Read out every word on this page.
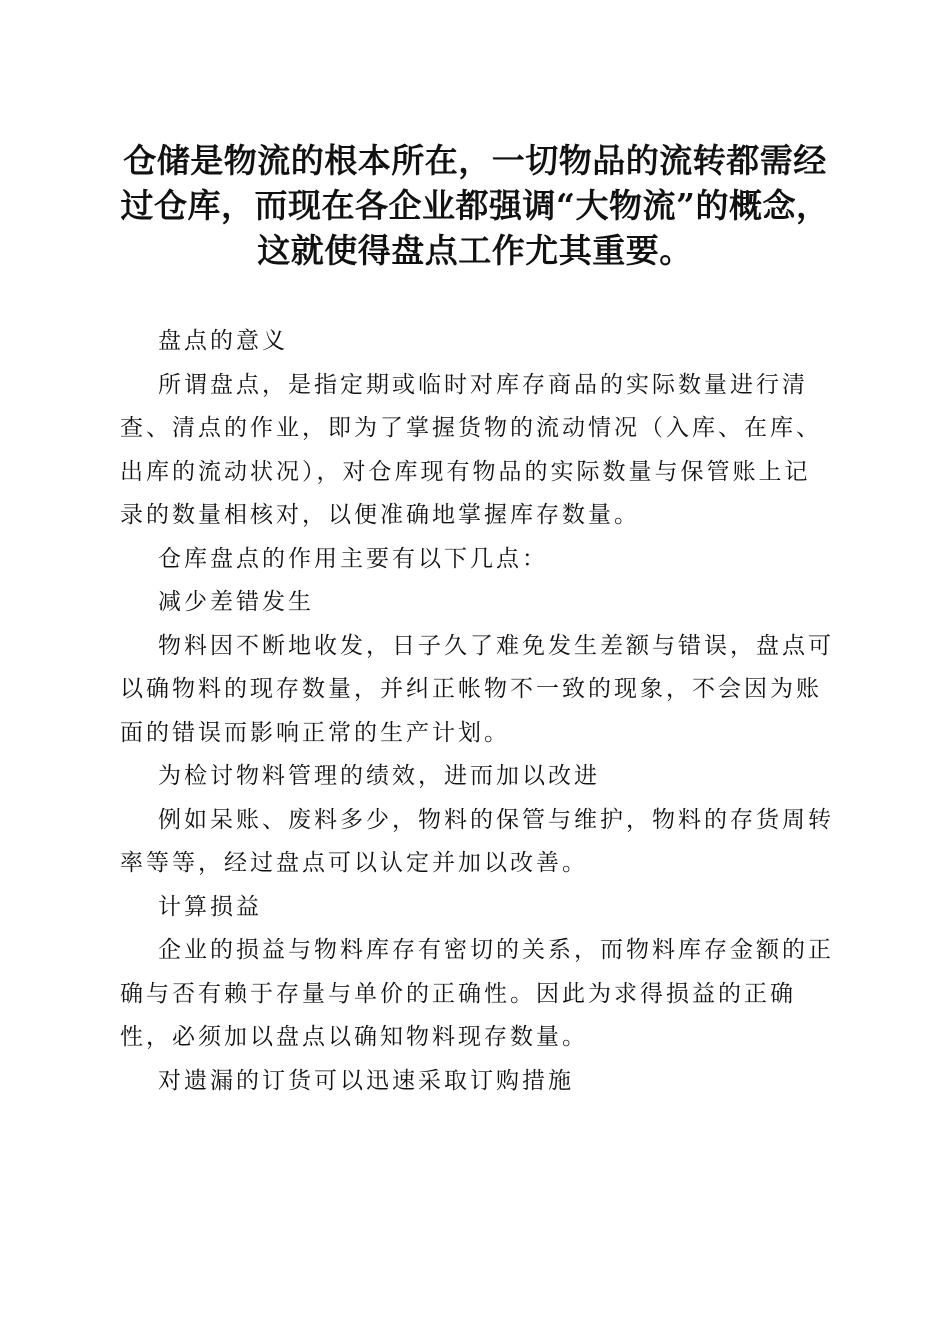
仓储是物流的根本所在，一切物品的流转都需经过仓库，而现在各企业都强调“大物流”的概念，这就使得盘点工作尤其重要。

盘点的意义

所谓盘点，是指定期或临时对库存商品的实际数量进行清查、清点的作业，即为了掌握货物的流动情况（入库、在库、出库的流动状况），对仓库现有物品的实际数量与保管账上记录的数量相核对，以便准确地掌握库存数量。

仓库盘点的作用主要有以下几点：

减少差错发生

物料因不断地收发，日子久了难免发生差额与错误，盘点可以确物料的现存数量，并纠正帐物不一致的现象，不会因为账面的错误而影响正常的生产计划。

为检讨物料管理的绩效，进而加以改进

例如呆账、废料多少，物料的保管与维护，物料的存货周转率等等，经过盘点可以认定并加以改善。

计算损益

企业的损益与物料库存有密切的关系，而物料库存金额的正确与否有赖于存量与单价的正确性。因此为求得损益的正确性，必须加以盘点以确知物料现存数量。

对遗漏的订货可以迅速采取订购措施
